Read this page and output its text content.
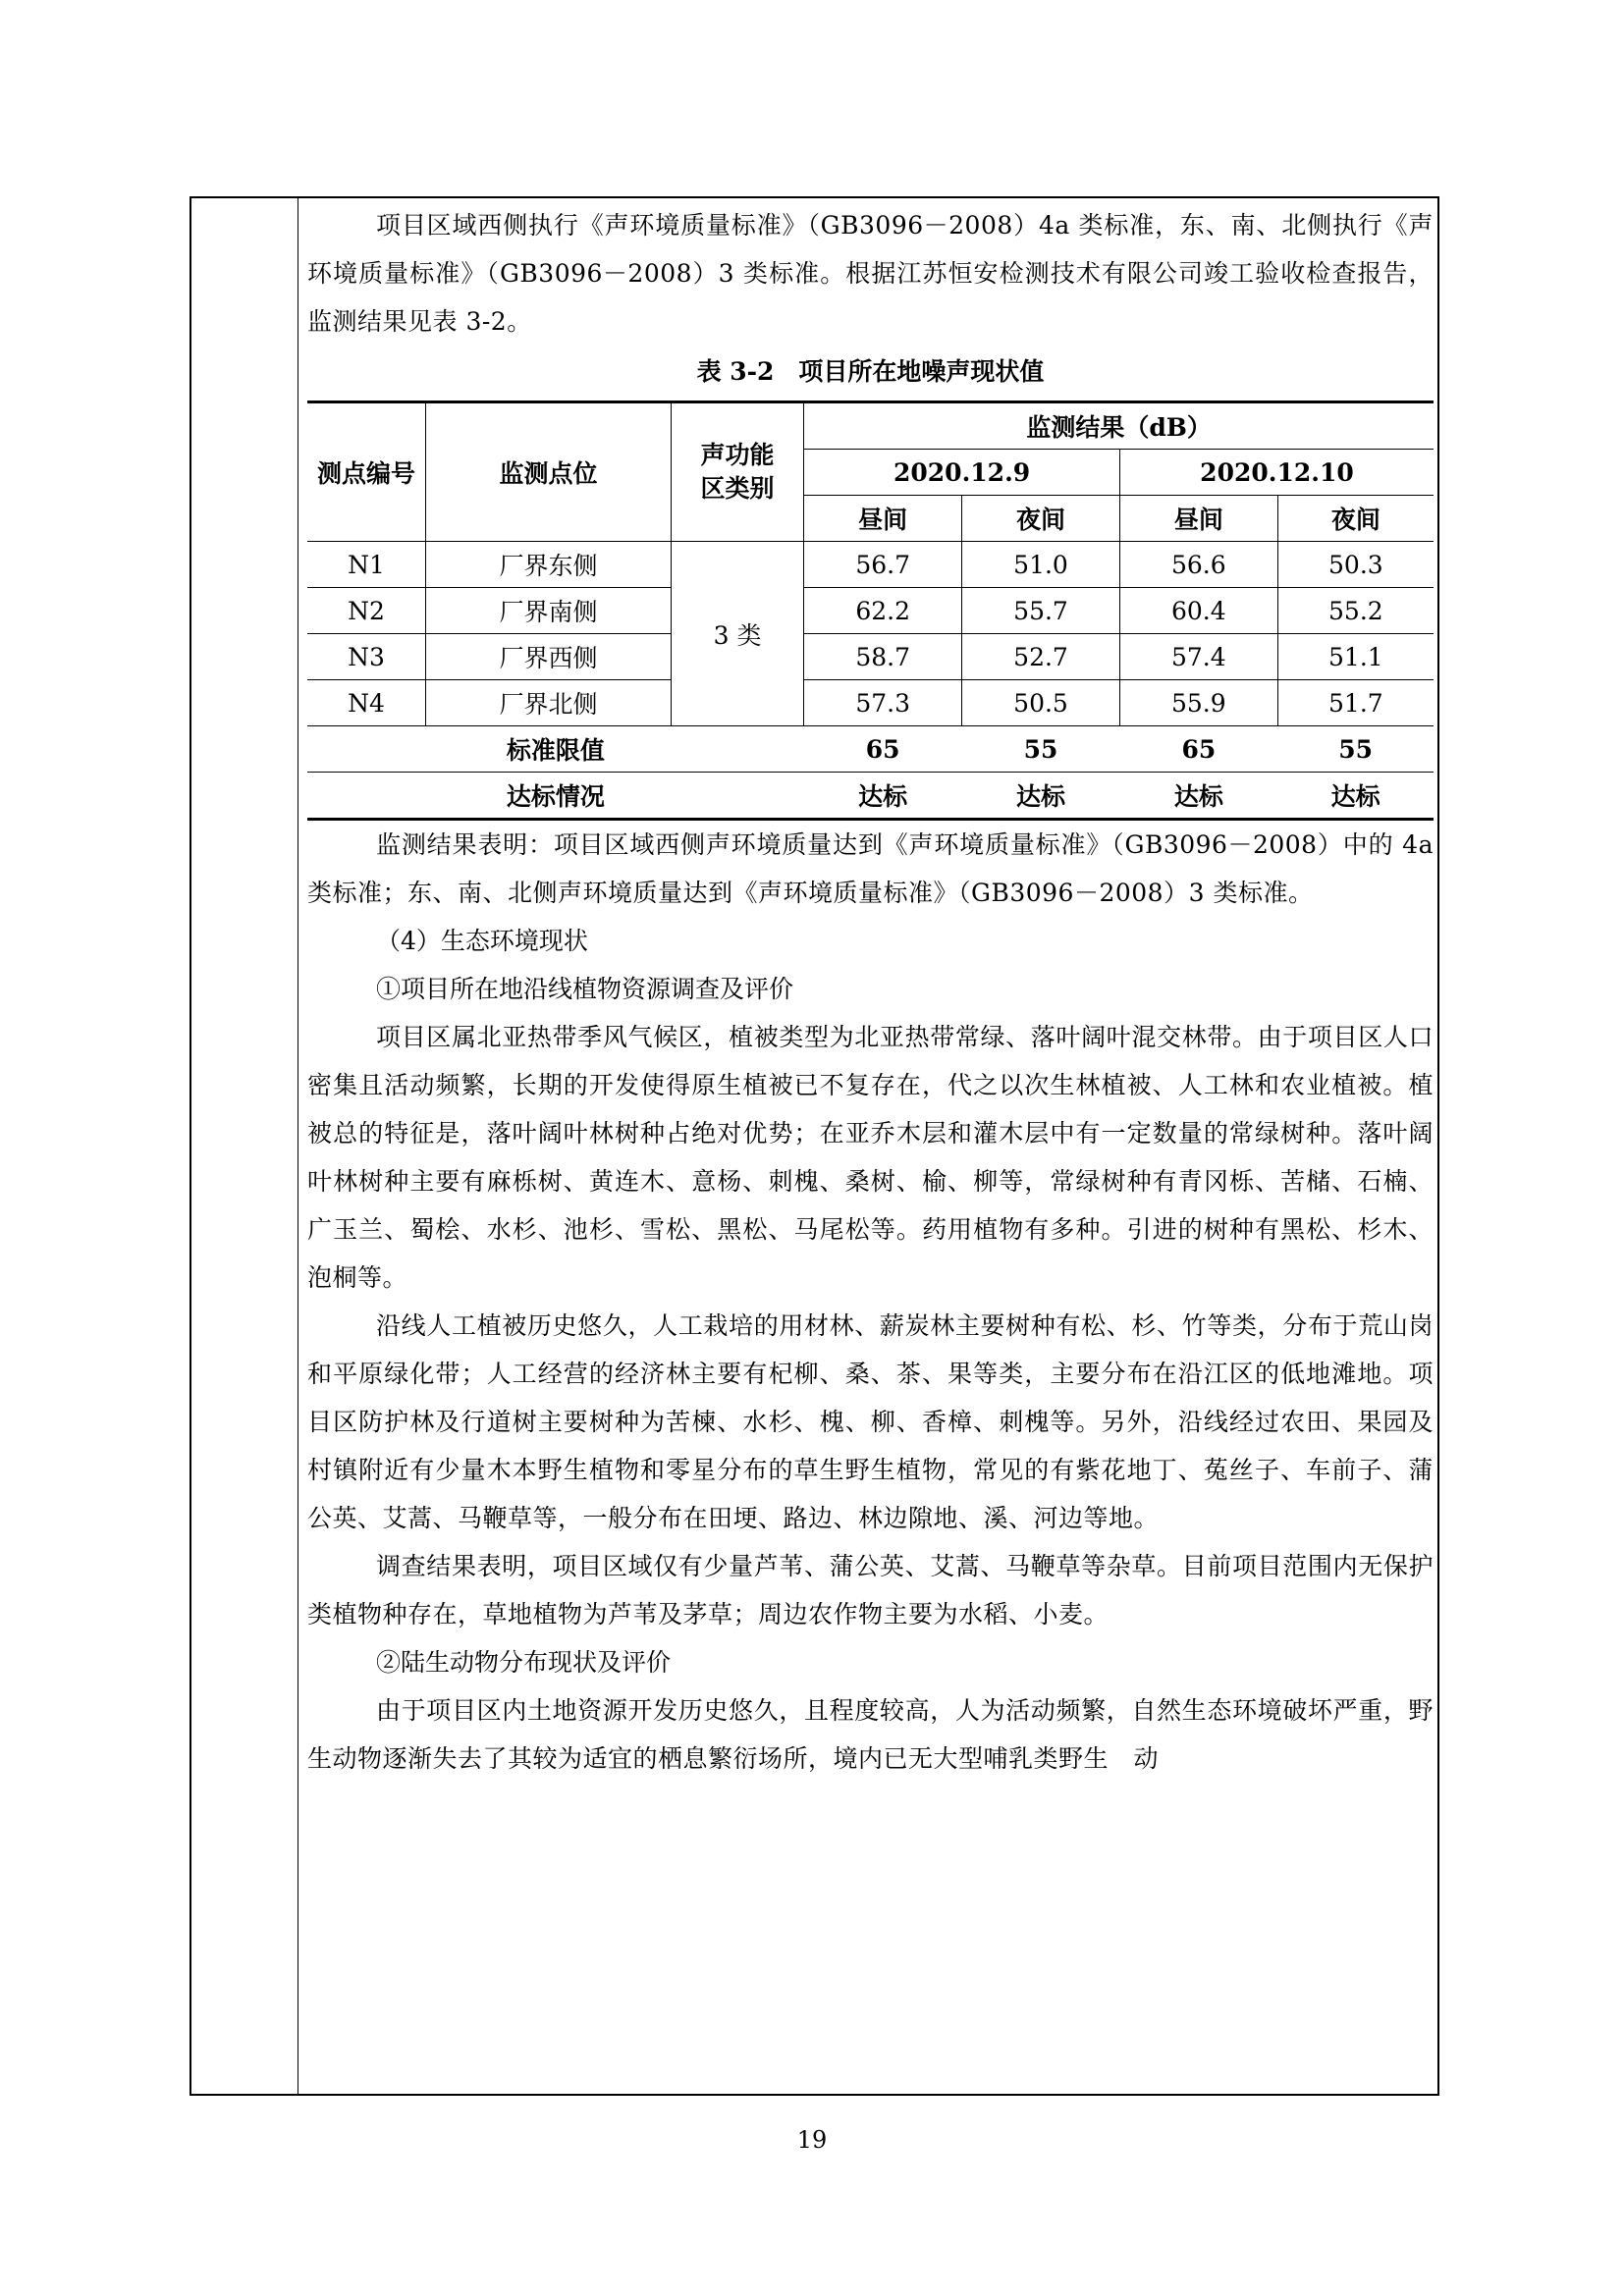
项目区域西侧执行《声环境质量标准》（GB3096－2008）4a 类标准，东、南、北侧执行《声环境质量标准》（GB3096－2008）3 类标准。根据江苏恒安检测技术有限公司竣工验收检查报告，监测结果见表 3-2。

表 3-2　项目所在地噪声现状值

测点编号	监测点位	声功能区类别	监测结果（dB）			
			2020.12.9		2020.12.10	
			昼间	夜间	昼间	夜间
N1	厂界东侧	3 类	56.7	51.0	56.6	50.3
N2	厂界南侧		62.2	55.7	60.4	55.2
N3	厂界西侧		58.7	52.7	57.4	51.1
N4	厂界北侧		57.3	50.5	55.9	51.7
标准限值			65	55	65	55
达标情况			达标	达标	达标	达标

监测结果表明：项目区域西侧声环境质量达到《声环境质量标准》（GB3096－2008）中的 4a 类标准；东、南、北侧声环境质量达到《声环境质量标准》（GB3096－2008）3 类标准。

（4）生态环境现状

①项目所在地沿线植物资源调查及评价

项目区属北亚热带季风气候区，植被类型为北亚热带常绿、落叶阔叶混交林带。由于项目区人口密集且活动频繁，长期的开发使得原生植被已不复存在，代之以次生林植被、人工林和农业植被。植被总的特征是，落叶阔叶林树种占绝对优势；在亚乔木层和灌木层中有一定数量的常绿树种。落叶阔叶林树种主要有麻栎树、黄连木、意杨、刺槐、桑树、榆、柳等，常绿树种有青冈栎、苦槠、石楠、广玉兰、蜀桧、水杉、池杉、雪松、黑松、马尾松等。药用植物有多种。引进的树种有黑松、杉木、泡桐等。

沿线人工植被历史悠久，人工栽培的用材林、薪炭林主要树种有松、杉、竹等类，分布于荒山岗和平原绿化带；人工经营的经济林主要有杞柳、桑、茶、果等类，主要分布在沿江区的低地滩地。项目区防护林及行道树主要树种为苦楝、水杉、槐、柳、香樟、刺槐等。另外，沿线经过农田、果园及村镇附近有少量木本野生植物和零星分布的草生野生植物，常见的有紫花地丁、菟丝子、车前子、蒲公英、艾蒿、马鞭草等，一般分布在田埂、路边、林边隙地、溪、河边等地。

调查结果表明，项目区域仅有少量芦苇、蒲公英、艾蒿、马鞭草等杂草。目前项目范围内无保护类植物种存在，草地植物为芦苇及茅草；周边农作物主要为水稻、小麦。

②陆生动物分布现状及评价

由于项目区内土地资源开发历史悠久，且程度较高，人为活动频繁，自然生态环境破坏严重，野生动物逐渐失去了其较为适宜的栖息繁衍场所，境内已无大型哺乳类野生　动

19
